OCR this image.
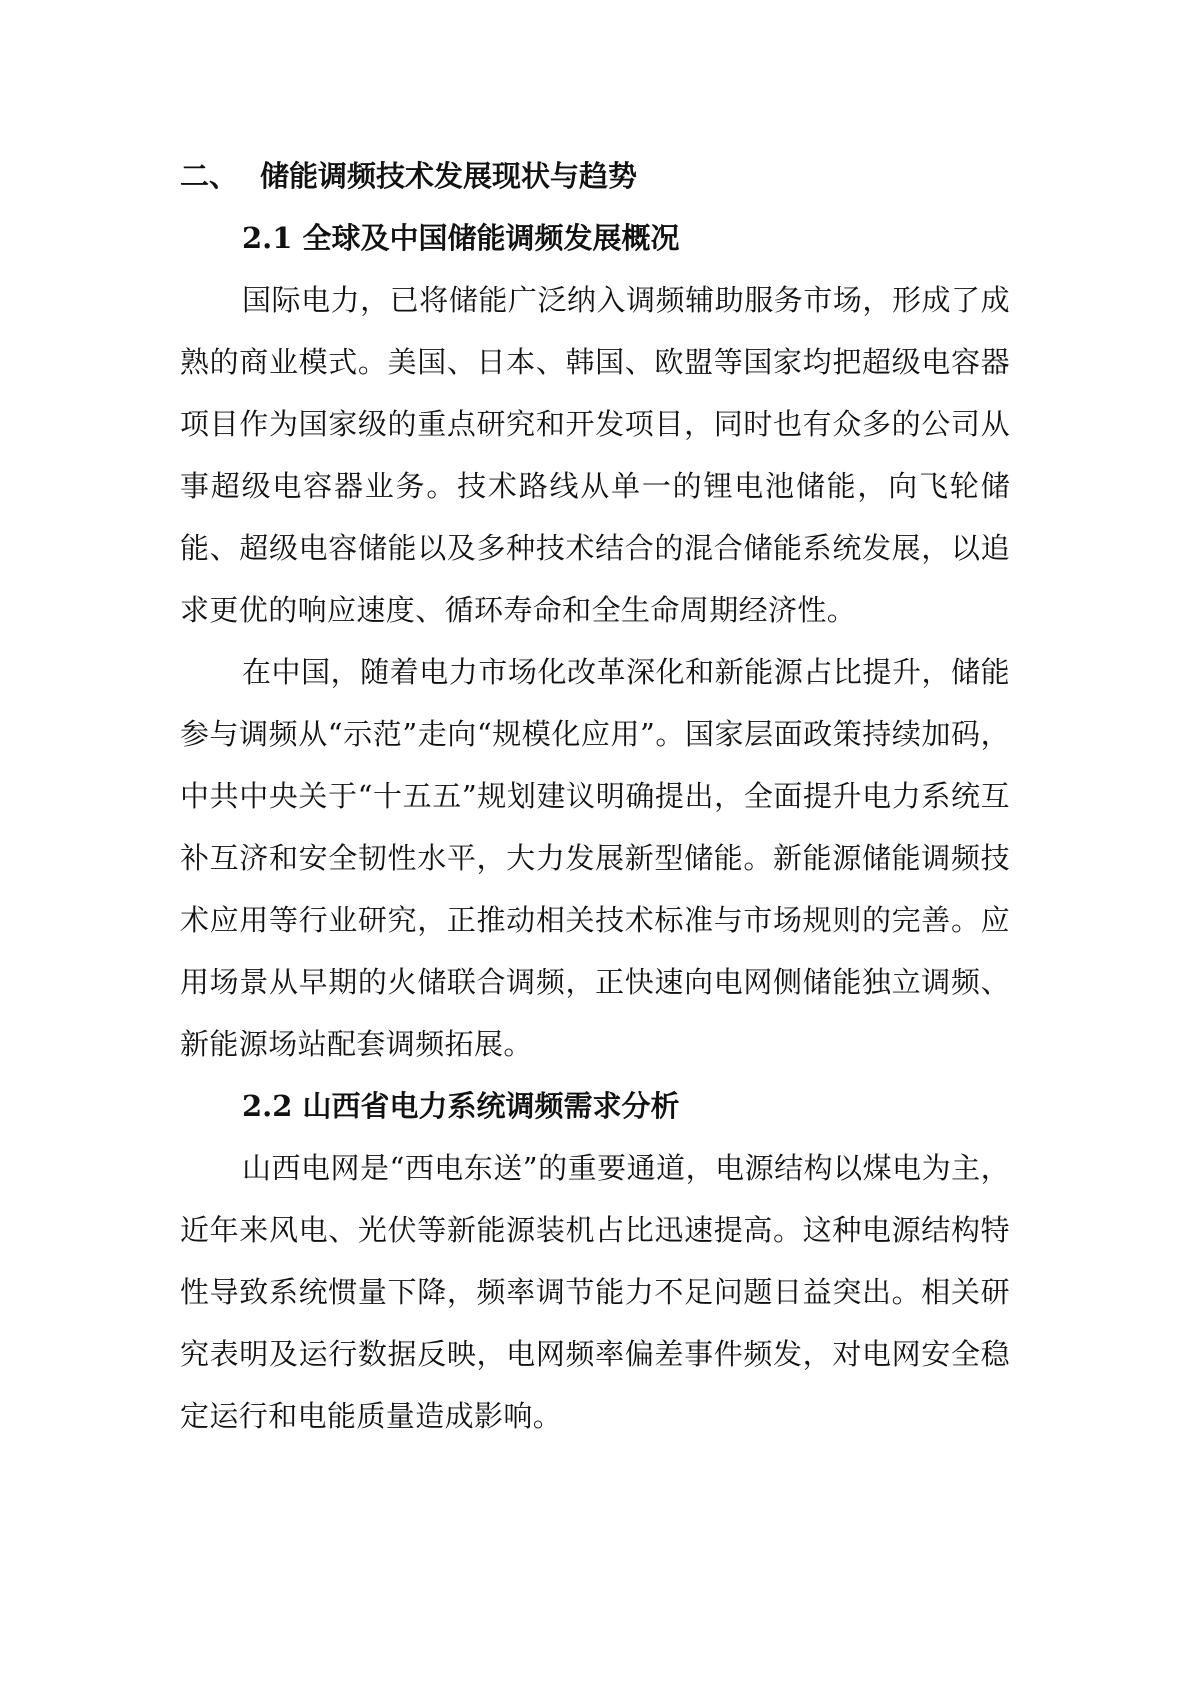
二、 储能调频技术发展现状与趋势
2.1 全球及中国储能调频发展概况

国际电力，已将储能广泛纳入调频辅助服务市场，形成了成熟的商业模式。美国、日本、韩国、欧盟等国家均把超级电容器项目作为国家级的重点研究和开发项目，同时也有众多的公司从事超级电容器业务。技术路线从单一的锂电池储能，向飞轮储能、超级电容储能以及多种技术结合的混合储能系统发展，以追求更优的响应速度、循环寿命和全生命周期经济性。

在中国，随着电力市场化改革深化和新能源占比提升，储能参与调频从“示范”走向“规模化应用”。国家层面政策持续加码，中共中央关于“十五五”规划建议明确提出，全面提升电力系统互补互济和安全韧性水平，大力发展新型储能。新能源储能调频技术应用等行业研究，正推动相关技术标准与市场规则的完善。应用场景从早期的火储联合调频，正快速向电网侧储能独立调频、新能源场站配套调频拓展。

2.2 山西省电力系统调频需求分析

山西电网是“西电东送”的重要通道，电源结构以煤电为主，近年来风电、光伏等新能源装机占比迅速提高。这种电源结构特性导致系统惯量下降，频率调节能力不足问题日益突出。相关研究表明及运行数据反映，电网频率偏差事件频发，对电网安全稳定运行和电能质量造成影响。
